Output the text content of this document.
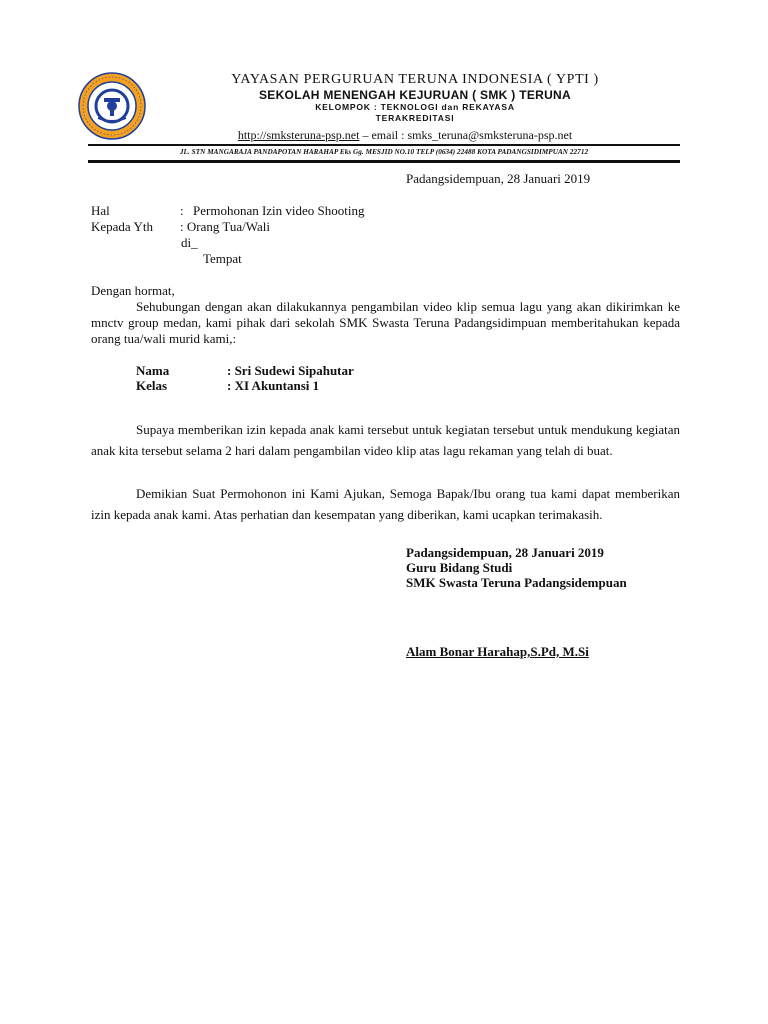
YAYASAN PERGURUAN TERUNA INDONESIA ( YPTI )
SEKOLAH MENENGAH KEJURUAN ( SMK ) TERUNA
KELOMPOK : TEKNOLOGI dan REKAYASA
TERAKREDITASI
http://smksteruna-psp.net – email : smks_teruna@smksteruna-psp.net
JL. STN MANGARAJA PANDAPOTAN HARAHAP Eks Gg. MESJID NO.10 TELP (0634) 22488 KOTA PADANGSIDIMPUAN 22712
Padangsidempuan, 28 Januari 2019
Hal	: Permohonan Izin video Shooting
Kepada Yth : Orang Tua/Wali
di_
Tempat
Dengan hormat,
Sehubungan dengan akan dilakukannya pengambilan video klip semua lagu yang akan dikirimkan ke mnctv group medan, kami pihak dari sekolah SMK Swasta Teruna Padangsidimpuan memberitahukan kepada orang tua/wali murid kami,:
Nama	: Sri Sudewi Sipahutar
Kelas	: XI Akuntansi 1
Supaya memberikan izin kepada anak kami tersebut untuk kegiatan tersebut untuk mendukung kegiatan anak kita tersebut selama 2 hari dalam pengambilan video klip atas lagu rekaman yang telah di buat.
Demikian Suat Permohonon ini Kami Ajukan, Semoga Bapak/Ibu orang tua kami dapat memberikan izin kepada anak kami. Atas perhatian dan kesempatan yang diberikan, kami ucapkan terimakasih.
Padangsidempuan, 28 Januari 2019
Guru Bidang Studi
SMK Swasta Teruna Padangsidempuan
Alam Bonar Harahap,S.Pd, M.Si
